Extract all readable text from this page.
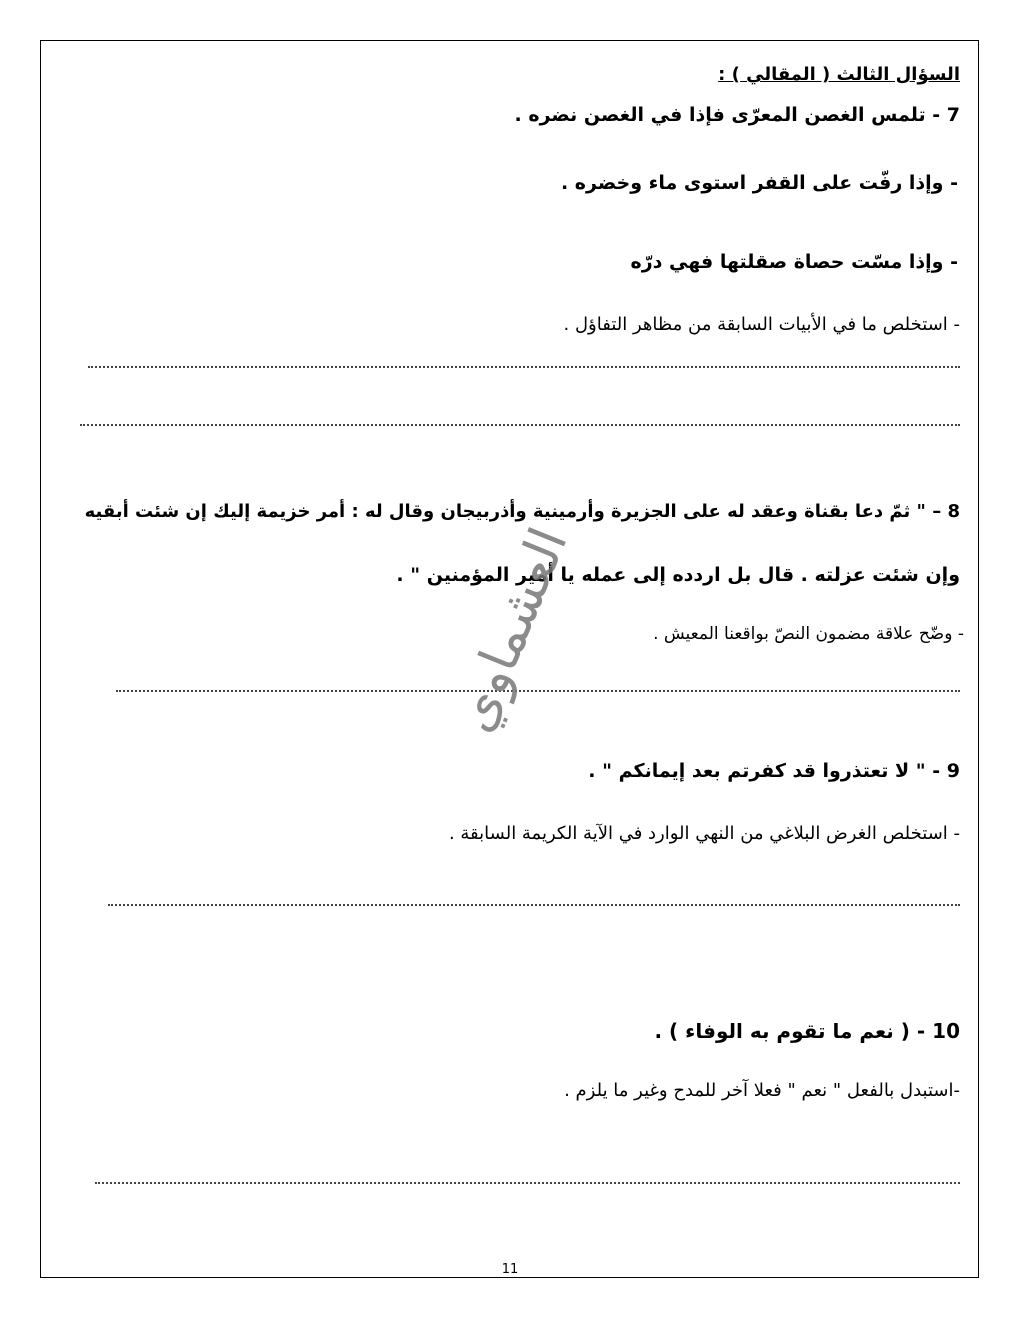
السؤال الثالث ( المقالي ) :
7 - تلمس الغصن المعرّى فإذا في الغصن نضره .
- وإذا رفّت على القفر استوى ماء وخضره .
- وإذا مسّت حصاة صقلتها فهي درّه
- استخلص ما في الأبيات السابقة من مظاهر التفاؤل .
8 – " ثمّ دعا بقناة وعقد له على الجزيرة وأرمينية وأذربيجان وقال له : أمر خزيمة إليك إن شئت أبقيه
وإن شئت عزلته . قال بل اردده إلى عمله يا أمير المؤمنين " .
- وضّح علاقة مضمون النصّ بواقعنا المعيش .
9 - " لا تعتذروا قد كفرتم بعد إيمانكم " .
- استخلص الغرض البلاغي من النهي الوارد في الآية الكريمة السابقة .
10 - ( نعم ما تقوم به الوفاء ) .
-استبدل بالفعل " نعم " فعلا آخر للمدح وغير ما يلزم .
العشماوي
11
